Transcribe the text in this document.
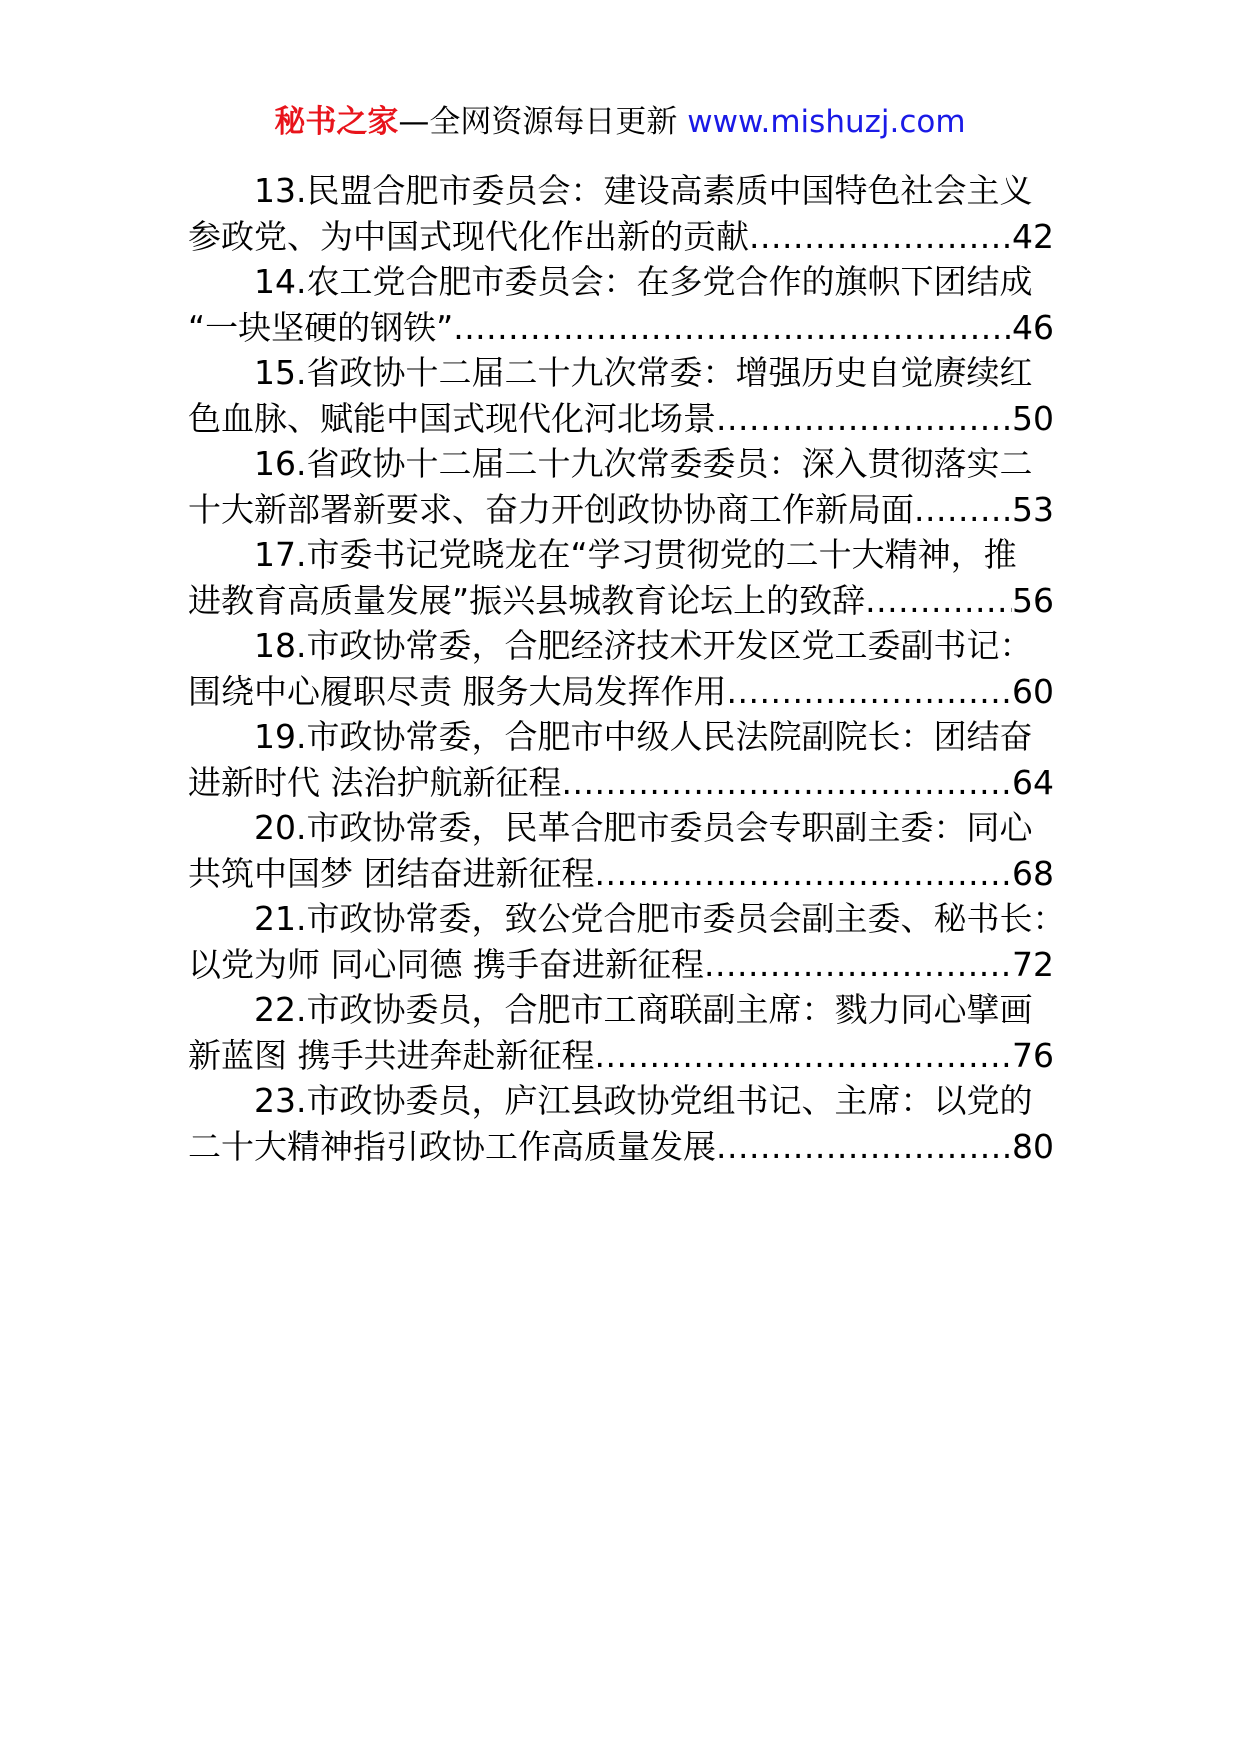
秘书之家—全网资源每日更新 www.mishuzj.com
13.民盟合肥市委员会：建设高素质中国特色社会主义
参政党、为中国式现代化作出新的贡献 .....	42
14.农工党合肥市委员会：在多党合作的旗帜下团结成
“一块坚硬的钢铁” .....	46
15.省政协十二届二十九次常委：增强历史自觉赓续红
色血脉、赋能中国式现代化河北场景 .....	50
16.省政协十二届二十九次常委委员：深入贯彻落实二
十大新部署新要求、奋力开创政协协商工作新局面 .....	53
17.市委书记党晓龙在“学习贯彻党的二十大精神，推
进教育高质量发展”振兴县城教育论坛上的致辞 .....	56
18.市政协常委，合肥经济技术开发区党工委副书记：
围绕中心履职尽责 服务大局发挥作用 .....	60
19.市政协常委，合肥市中级人民法院副院长：团结奋
进新时代 法治护航新征程 .....	64
20.市政协常委，民革合肥市委员会专职副主委：同心
共筑中国梦 团结奋进新征程 .....	68
21.市政协常委，致公党合肥市委员会副主委、秘书长：
以党为师 同心同德 携手奋进新征程 .....	72
22.市政协委员，合肥市工商联副主席：戮力同心擘画
新蓝图 携手共进奔赴新征程 .....	76
23.市政协委员，庐江县政协党组书记、主席：以党的
二十大精神指引政协工作高质量发展 .....	80
